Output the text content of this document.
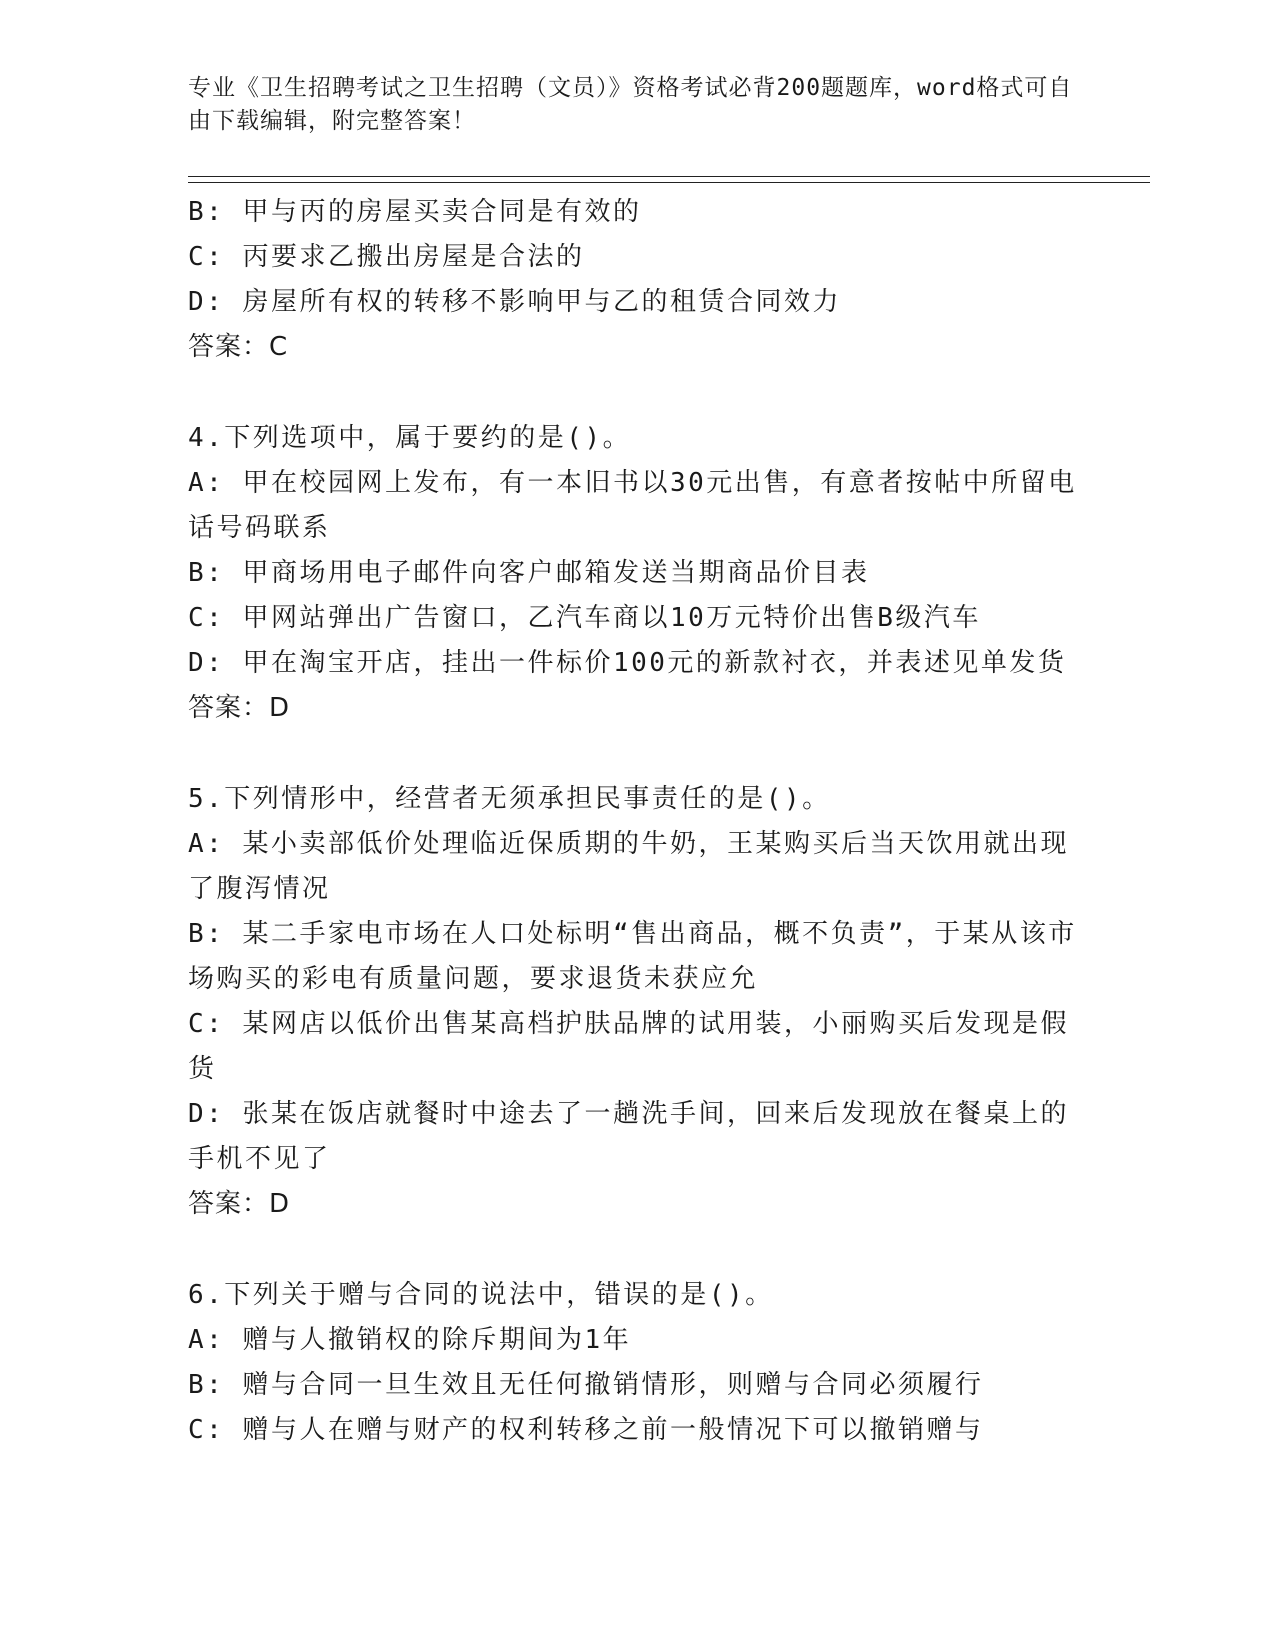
专业《卫生招聘考试之卫生招聘（文员）》资格考试必背200题题库，word格式可自由下载编辑，附完整答案！

B: 甲与丙的房屋买卖合同是有效的

C: 丙要求乙搬出房屋是合法的

D: 房屋所有权的转移不影响甲与乙的租赁合同效力

答案：C

4.下列选项中，属于要约的是()。

A: 甲在校园网上发布，有一本旧书以30元出售，有意者按帖中所留电话号码联系

B: 甲商场用电子邮件向客户邮箱发送当期商品价目表

C: 甲网站弹出广告窗口，乙汽车商以10万元特价出售B级汽车

D: 甲在淘宝开店，挂出一件标价100元的新款衬衣，并表述见单发货

答案：D

5.下列情形中，经营者无须承担民事责任的是()。

A: 某小卖部低价处理临近保质期的牛奶，王某购买后当天饮用就出现了腹泻情况

B: 某二手家电市场在人口处标明“售出商品，概不负责”，于某从该市场购买的彩电有质量问题，要求退货未获应允

C: 某网店以低价出售某高档护肤品牌的试用装，小丽购买后发现是假货

D: 张某在饭店就餐时中途去了一趟洗手间，回来后发现放在餐桌上的手机不见了

答案：D

6.下列关于赠与合同的说法中，错误的是()。

A: 赠与人撤销权的除斥期间为1年

B: 赠与合同一旦生效且无任何撤销情形，则赠与合同必须履行

C: 赠与人在赠与财产的权利转移之前一般情况下可以撤销赠与
